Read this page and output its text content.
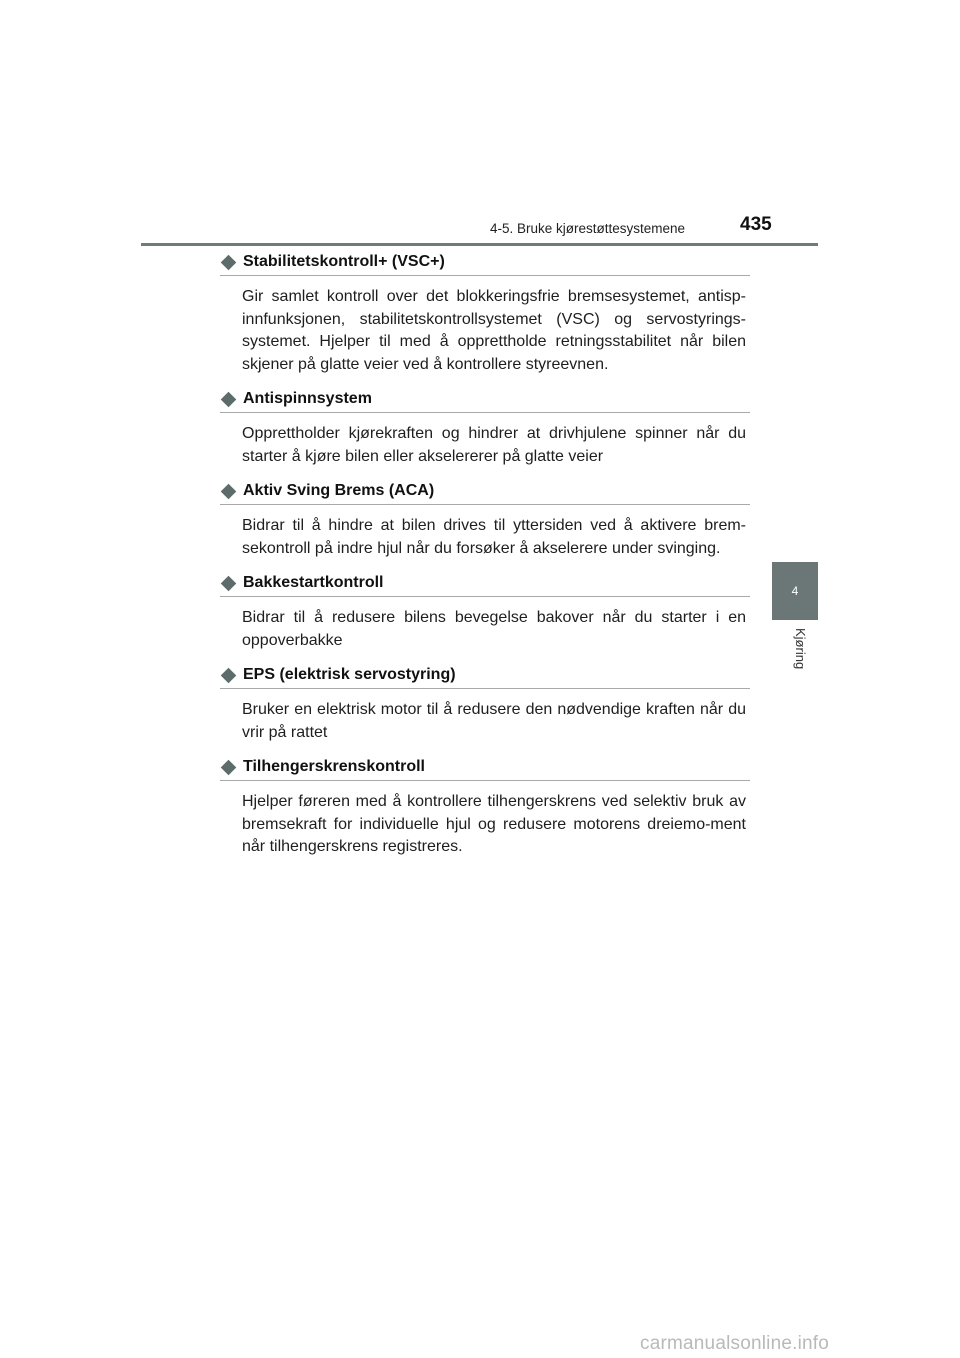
4-5. Bruke kjørestøttesystemene	435
4
Kjøring
Stabilitetskontroll+ (VSC+)
Gir samlet kontroll over det blokkeringsfrie bremsesystemet, antisp-innfunksjonen, stabilitetskontrollsystemet (VSC) og servostyrings-systemet. Hjelper til med å opprettholde retningsstabilitet når bilen skjener på glatte veier ved å kontrollere styreevnen.
Antispinnsystem
Opprettholder kjørekraften og hindrer at drivhjulene spinner når du starter å kjøre bilen eller akselererer på glatte veier
Aktiv Sving Brems (ACA)
Bidrar til å hindre at bilen drives til yttersiden ved å aktivere brem-sekontroll på indre hjul når du forsøker å akselerere under svinging.
Bakkestartkontroll
Bidrar til å redusere bilens bevegelse bakover når du starter i en oppoverbakke
EPS (elektrisk servostyring)
Bruker en elektrisk motor til å redusere den nødvendige kraften når du vrir på rattet
Tilhengerskrenskontroll
Hjelper føreren med å kontrollere tilhengerskrens ved selektiv bruk av bremsekraft for individuelle hjul og redusere motorens dreiemo-ment når tilhengerskrens registreres.
carmanualsonline.info
